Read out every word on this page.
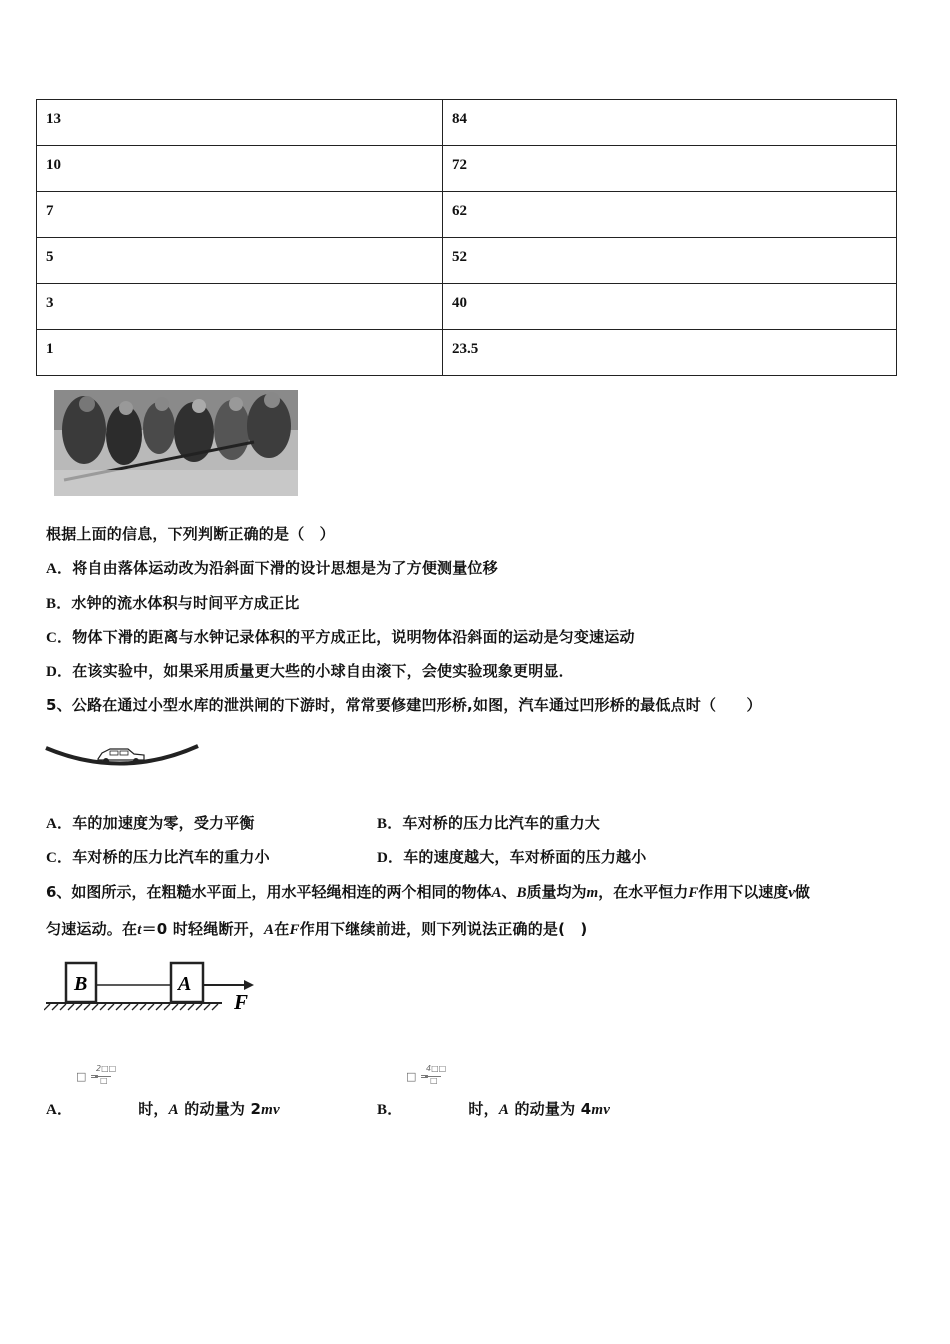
13	84
10	72
7	62
5	52
3	40
1	23.5
根据上面的信息，下列判断正确的是（　）
A．将自由落体运动改为沿斜面下滑的设计思想是为了方便测量位移
B．水钟的流水体积与时间平方成正比
C．物体下滑的距离与水钟记录体积的平方成正比，说明物体沿斜面的运动是匀变速运动
D．在该实验中，如果采用质量更大些的小球自由滚下，会使实验现象更明显．
5、公路在通过小型水库的泄洪闸的下游时，常常要修建凹形桥,如图，汽车通过凹形桥的最低点时（　　）
A．车的加速度为零，受力平衡	B．车对桥的压力比汽车的重力大
C．车对桥的压力比汽车的重力小	D．车的速度越大，车对桥面的压力越小
6、如图所示，在粗糙水平面上，用水平轻绳相连的两个相同的物体A、B质量均为m，在水平恒力F作用下以速度v做
匀速运动。在t＝0 时轻绳断开，A在F作用下继续前进，则下列说法正确的是(　)
B	A
F
□ =
2□□
□
A．	时，A 的动量为 2mv
□ =
4□□
□
B．	时，A 的动量为 4mv
